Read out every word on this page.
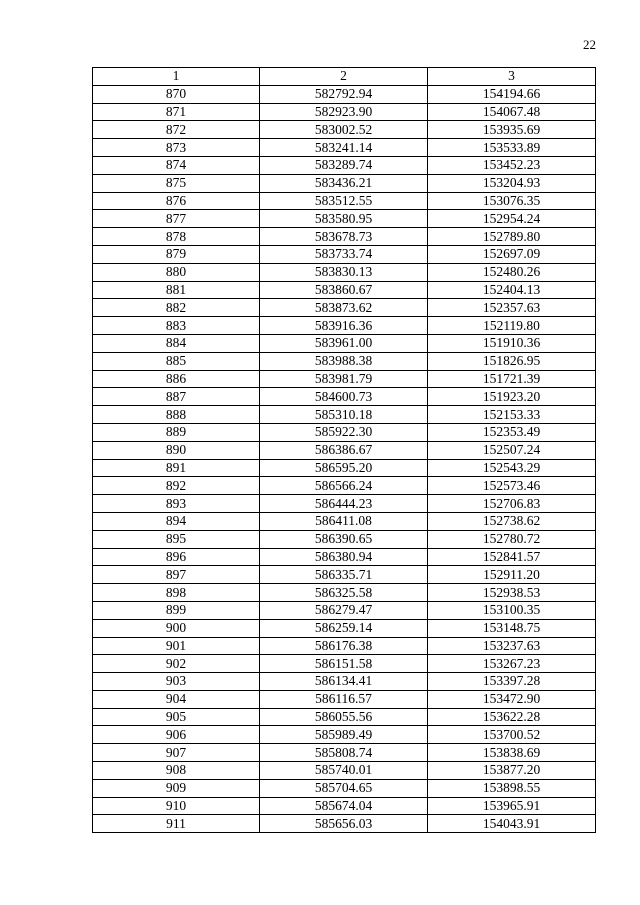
22
1	2	3
870	582792.94	154194.66
871	582923.90	154067.48
872	583002.52	153935.69
873	583241.14	153533.89
874	583289.74	153452.23
875	583436.21	153204.93
876	583512.55	153076.35
877	583580.95	152954.24
878	583678.73	152789.80
879	583733.74	152697.09
880	583830.13	152480.26
881	583860.67	152404.13
882	583873.62	152357.63
883	583916.36	152119.80
884	583961.00	151910.36
885	583988.38	151826.95
886	583981.79	151721.39
887	584600.73	151923.20
888	585310.18	152153.33
889	585922.30	152353.49
890	586386.67	152507.24
891	586595.20	152543.29
892	586566.24	152573.46
893	586444.23	152706.83
894	586411.08	152738.62
895	586390.65	152780.72
896	586380.94	152841.57
897	586335.71	152911.20
898	586325.58	152938.53
899	586279.47	153100.35
900	586259.14	153148.75
901	586176.38	153237.63
902	586151.58	153267.23
903	586134.41	153397.28
904	586116.57	153472.90
905	586055.56	153622.28
906	585989.49	153700.52
907	585808.74	153838.69
908	585740.01	153877.20
909	585704.65	153898.55
910	585674.04	153965.91
911	585656.03	154043.91
